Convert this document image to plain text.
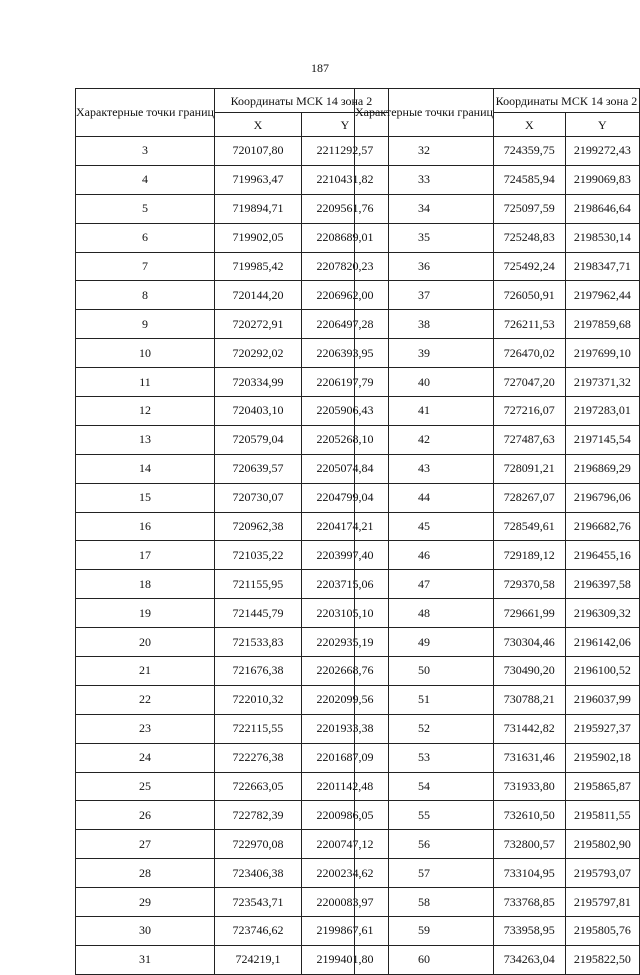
187
Характерные точки границ	Координаты МСК 14 зона 2	
	X	Y
3	720107,80	2211292,57
4	719963,47	2210431,82
5	719894,71	2209561,76
6	719902,05	2208689,01
7	719985,42	2207820,23
8	720144,20	2206962,00
9	720272,91	2206497,28
10	720292,02	2206393,95
11	720334,99	2206197,79
12	720403,10	2205906,43
13	720579,04	2205268,10
14	720639,57	2205074,84
15	720730,07	2204799,04
16	720962,38	2204174,21
17	721035,22	2203997,40
18	721155,95	2203715,06
19	721445,79	2203105,10
20	721533,83	2202935,19
21	721676,38	2202668,76
22	722010,32	2202099,56
23	722115,55	2201933,38
24	722276,38	2201687,09
25	722663,05	2201142,48
26	722782,39	2200986,05
27	722970,08	2200747,12
28	723406,38	2200234,62
29	723543,71	2200083,97
30	723746,62	2199867,61
31	724219,1	2199401,80
Характерные точки границ	Координаты МСК 14 зона 2	
	X	Y
32	724359,75	2199272,43
33	724585,94	2199069,83
34	725097,59	2198646,64
35	725248,83	2198530,14
36	725492,24	2198347,71
37	726050,91	2197962,44
38	726211,53	2197859,68
39	726470,02	2197699,10
40	727047,20	2197371,32
41	727216,07	2197283,01
42	727487,63	2197145,54
43	728091,21	2196869,29
44	728267,07	2196796,06
45	728549,61	2196682,76
46	729189,12	2196455,16
47	729370,58	2196397,58
48	729661,99	2196309,32
49	730304,46	2196142,06
50	730490,20	2196100,52
51	730788,21	2196037,99
52	731442,82	2195927,37
53	731631,46	2195902,18
54	731933,80	2195865,87
55	732610,50	2195811,55
56	732800,57	2195802,90
57	733104,95	2195793,07
58	733768,85	2195797,81
59	733958,95	2195805,76
60	734263,04	2195822,50
